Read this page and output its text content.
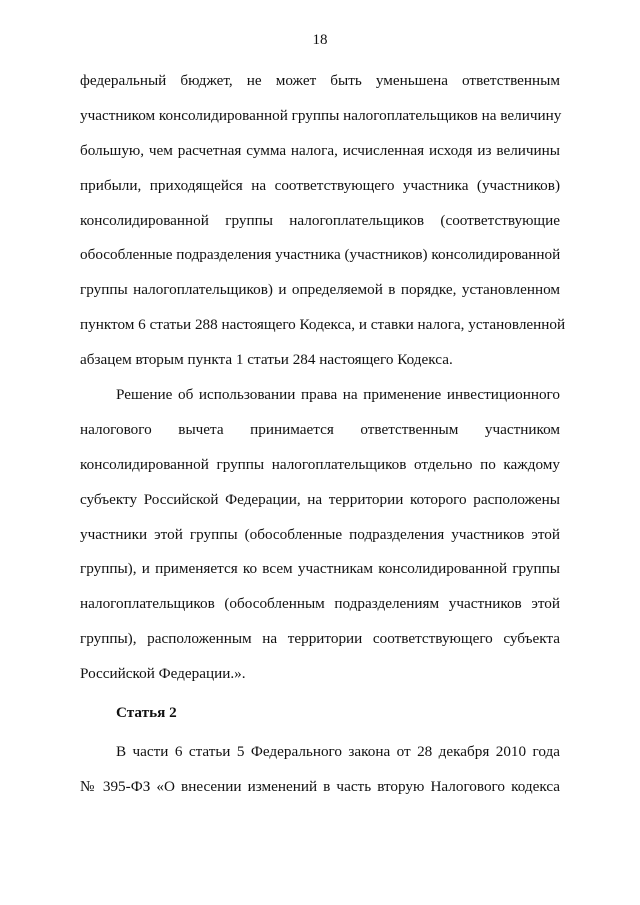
18
федеральный бюджет, не может быть уменьшена ответственным
участником консолидированной группы налогоплательщиков на величину
большую, чем расчетная сумма налога, исчисленная исходя из величины
прибыли, приходящейся на соответствующего участника (участников)
консолидированной группы налогоплательщиков (соответствующие
обособленные подразделения участника (участников) консолидированной
группы налогоплательщиков) и определяемой в порядке, установленном
пунктом 6 статьи 288 настоящего Кодекса, и ставки налога, установленной
абзацем вторым пункта 1 статьи 284 настоящего Кодекса.
Решение об использовании права на применение инвестиционного
налогового вычета принимается ответственным участником
консолидированной группы налогоплательщиков отдельно по каждому
субъекту Российской Федерации, на территории которого расположены
участники этой группы (обособленные подразделения участников этой
группы), и применяется ко всем участникам консолидированной группы
налогоплательщиков (обособленным подразделениям участников этой
группы), расположенным на территории соответствующего субъекта
Российской Федерации.».
Статья 2
В части 6 статьи 5 Федерального закона от 28 декабря 2010 года
№ 395-ФЗ «О внесении изменений в часть вторую Налогового кодекса
